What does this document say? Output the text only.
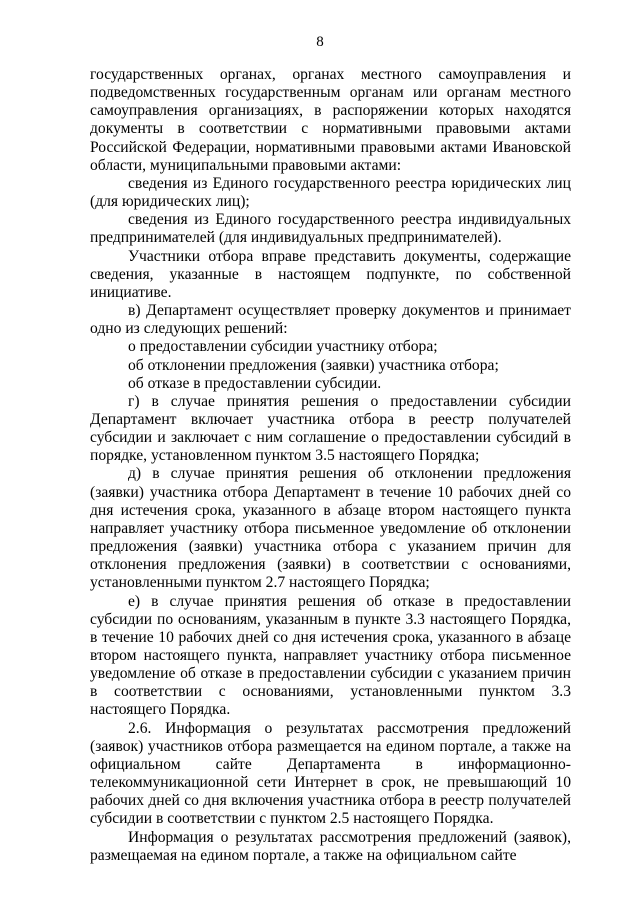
8

государственных органах, органах местного самоуправления и подведомственных государственным органам или органам местного самоуправления организациях, в распоряжении которых находятся документы в соответствии с нормативными правовыми актами Российской Федерации, нормативными правовыми актами Ивановской области, муниципальными правовыми актами:

сведения из Единого государственного реестра юридических лиц (для юридических лиц);

сведения из Единого государственного реестра индивидуальных предпринимателей (для индивидуальных предпринимателей).

Участники отбора вправе представить документы, содержащие сведения, указанные в настоящем подпункте, по собственной инициативе.

в) Департамент осуществляет проверку документов и принимает одно из следующих решений:

о предоставлении субсидии участнику отбора;

об отклонении предложения (заявки) участника отбора;

об отказе в предоставлении субсидии.

г) в случае принятия решения о предоставлении субсидии Департамент включает участника отбора в реестр получателей субсидии и заключает с ним соглашение о предоставлении субсидий в порядке, установленном пунктом 3.5 настоящего Порядка;

д) в случае принятия решения об отклонении предложения (заявки) участника отбора Департамент в течение 10 рабочих дней со дня истечения срока, указанного в абзаце втором настоящего пункта направляет участнику отбора письменное уведомление об отклонении предложения (заявки) участника отбора с указанием причин для отклонения предложения (заявки) в соответствии с основаниями, установленными пунктом 2.7 настоящего Порядка;

е) в случае принятия решения об отказе в предоставлении субсидии по основаниям, указанным в пункте 3.3 настоящего Порядка, в течение 10 рабочих дней со дня истечения срока, указанного в абзаце втором настоящего пункта, направляет участнику отбора письменное уведомление об отказе в предоставлении субсидии с указанием причин в соответствии с основаниями, установленными пунктом 3.3 настоящего Порядка.

2.6. Информация о результатах рассмотрения предложений (заявок) участников отбора размещается на едином портале, а также на официальном сайте Департамента в информационно-телекоммуникационной сети Интернет в срок, не превышающий 10 рабочих дней со дня включения участника отбора в реестр получателей субсидии в соответствии с пунктом 2.5 настоящего Порядка.

Информация о результатах рассмотрения предложений (заявок), размещаемая на едином портале, а также на официальном сайте
